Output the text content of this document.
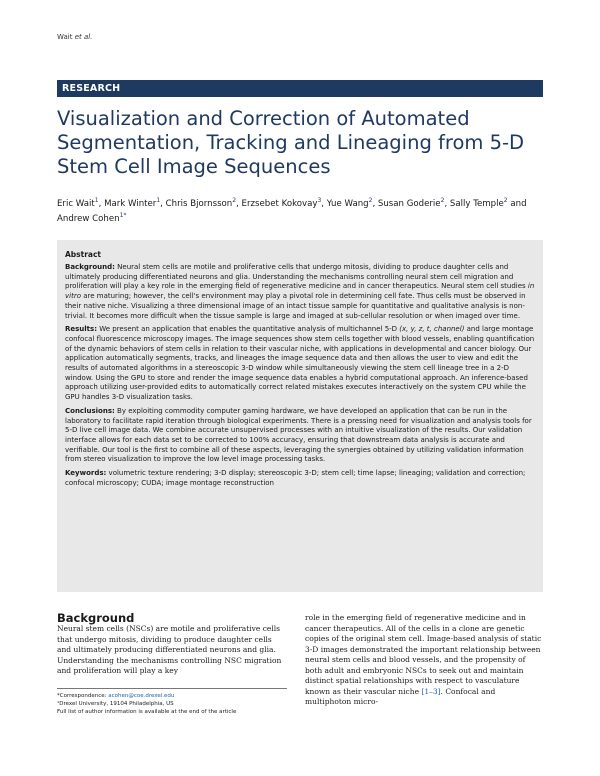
Wait et al.
RESEARCH
Visualization and Correction of Automated Segmentation, Tracking and Lineaging from 5-D Stem Cell Image Sequences
Eric Wait$^1$, Mark Winter$^1$, Chris Bjornsson$^2$, Erzsebet Kokovay$^3$, Yue Wang$^2$, Susan Goderie$^2$, Sally Temple$^2$ and Andrew Cohen$^{1*}$
Abstract
Background: Neural stem cells are motile and proliferative cells that undergo mitosis, dividing to produce daughter cells and ultimately producing differentiated neurons and glia. Understanding the mechanisms controlling neural stem cell migration and proliferation will play a key role in the emerging field of regenerative medicine and in cancer therapeutics. Neural stem cell studies in vitro are maturing; however, the cell's environment may play a pivotal role in determining cell fate. Thus cells must be observed in their native niche. Visualizing a three dimensional image of an intact tissue sample for quantitative and qualitative analysis is non-trivial. It becomes more difficult when the tissue sample is large and imaged at sub-cellular resolution or when imaged over time.
Results: We present an application that enables the quantitative analysis of multichannel 5-D (x, y, z, t, channel) and large montage confocal fluorescence microscopy images. The image sequences show stem cells together with blood vessels, enabling quantification of the dynamic behaviors of stem cells in relation to their vascular niche, with applications in developmental and cancer biology. Our application automatically segments, tracks, and lineages the image sequence data and then allows the user to view and edit the results of automated algorithms in a stereoscopic 3-D window while simultaneously viewing the stem cell lineage tree in a 2-D window. Using the GPU to store and render the image sequence data enables a hybrid computational approach. An inference-based approach utilizing user-provided edits to automatically correct related mistakes executes interactively on the system CPU while the GPU handles 3-D visualization tasks.
Conclusions: By exploiting commodity computer gaming hardware, we have developed an application that can be run in the laboratory to facilitate rapid iteration through biological experiments. There is a pressing need for visualization and analysis tools for 5-D live cell image data. We combine accurate unsupervised processes with an intuitive visualization of the results. Our validation interface allows for each data set to be corrected to 100% accuracy, ensuring that downstream data analysis is accurate and verifiable. Our tool is the first to combine all of these aspects, leveraging the synergies obtained by utilizing validation information from stereo visualization to improve the low level image processing tasks.
Keywords: volumetric texture rendering; 3-D display; stereoscopic 3-D; stem cell; time lapse; lineaging; validation and correction; confocal microscopy; CUDA; image montage reconstruction
Background
Neural stem cells (NSCs) are motile and proliferative cells that undergo mitosis, dividing to produce daughter cells and ultimately producing differentiated neurons and glia. Understanding the mechanisms controlling NSC migration and proliferation will play a key
role in the emerging field of regenerative medicine and in cancer therapeutics. All of the cells in a clone are genetic copies of the original stem cell. Image-based analysis of static 3-D images demonstrated the important relationship between neural stem cells and blood vessels, and the propensity of both adult and embryonic NSCs to seek out and maintain distinct spatial relationships with respect to vasculature known as their vascular niche [1–3]. Confocal and multiphoton micro-
*Correspondence: acohen@coe.drexel.edu
¹Drexel University, 19104 Philadelphia, US
Full list of author information is available at the end of the article
